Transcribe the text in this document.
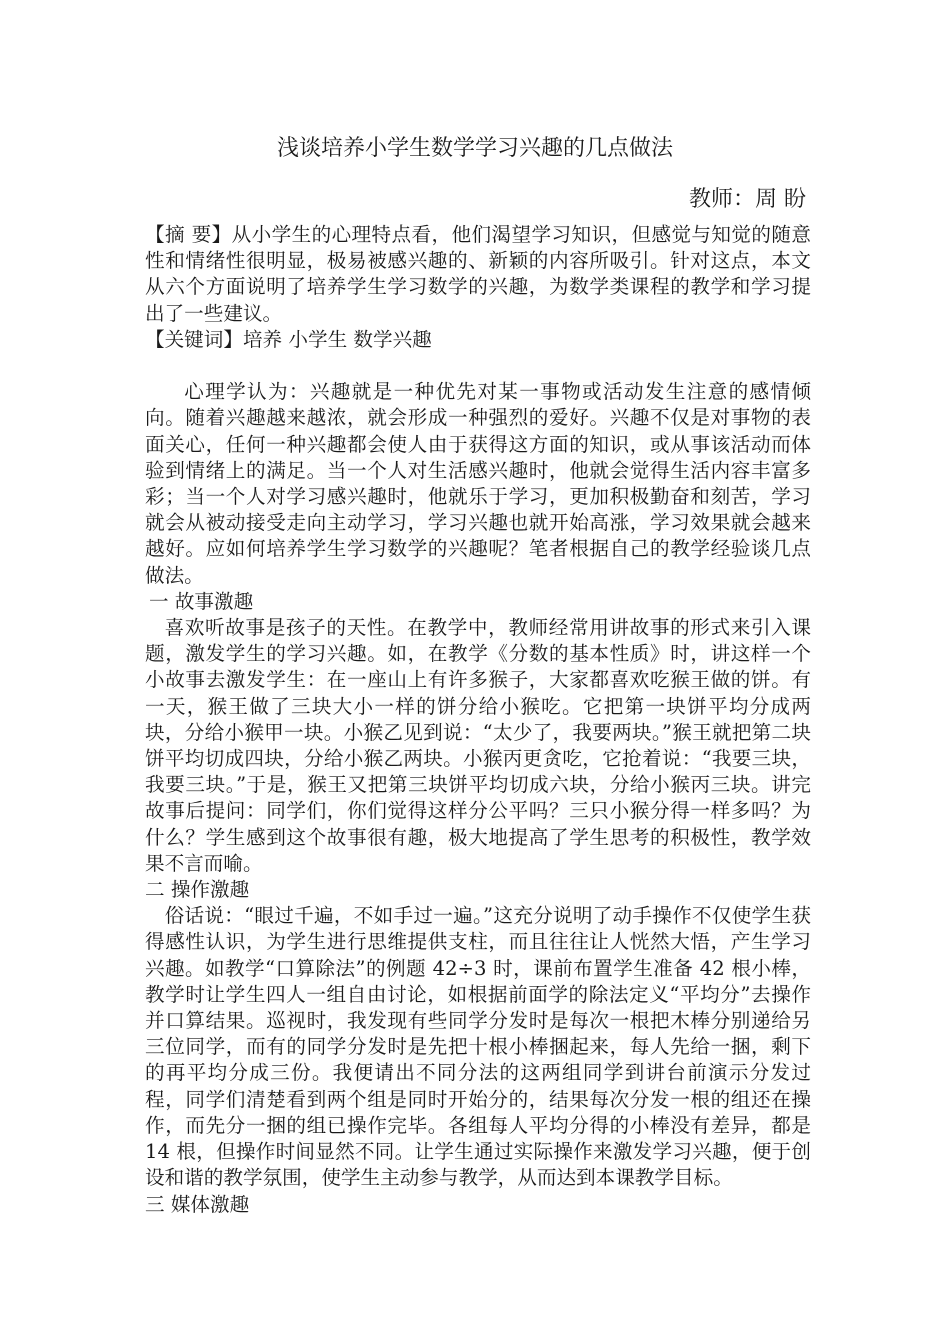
浅谈培养小学生数学学习兴趣的几点做法
教师：周 盼

【摘 要】从小学生的心理特点看，他们渴望学习知识，但感觉与知觉的随意性和情绪性很明显，极易被感兴趣的、新颖的内容所吸引。针对这点，本文从六个方面说明了培养学生学习数学的兴趣，为数学类课程的教学和学习提出了一些建议。

【关键词】培养 小学生 数学兴趣

心理学认为：兴趣就是一种优先对某一事物或活动发生注意的感情倾向。随着兴趣越来越浓，就会形成一种强烈的爱好。兴趣不仅是对事物的表面关心，任何一种兴趣都会使人由于获得这方面的知识，或从事该活动而体验到情绪上的满足。当一个人对生活感兴趣时，他就会觉得生活内容丰富多彩；当一个人对学习感兴趣时，他就乐于学习，更加积极勤奋和刻苦，学习就会从被动接受走向主动学习，学习兴趣也就开始高涨，学习效果就会越来越好。应如何培养学生学习数学的兴趣呢？笔者根据自己的教学经验谈几点做法。

一 故事激趣

喜欢听故事是孩子的天性。在教学中，教师经常用讲故事的形式来引入课题，激发学生的学习兴趣。如，在教学《分数的基本性质》时，讲这样一个小故事去激发学生：在一座山上有许多猴子，大家都喜欢吃猴王做的饼。有一天，猴王做了三块大小一样的饼分给小猴吃。它把第一块饼平均分成两块，分给小猴甲一块。小猴乙见到说：“太少了，我要两块。”猴王就把第二块饼平均切成四块，分给小猴乙两块。小猴丙更贪吃，它抢着说：“我要三块，我要三块。”于是，猴王又把第三块饼平均切成六块，分给小猴丙三块。讲完故事后提问：同学们，你们觉得这样分公平吗？三只小猴分得一样多吗？为什么？学生感到这个故事很有趣，极大地提高了学生思考的积极性，教学效果不言而喻。

二 操作激趣

俗话说：“眼过千遍，不如手过一遍。”这充分说明了动手操作不仅使学生获得感性认识，为学生进行思维提供支柱，而且往往让人恍然大悟，产生学习兴趣。如教学“口算除法”的例题 42÷3 时，课前布置学生准备 42 根小棒，教学时让学生四人一组自由讨论，如根据前面学的除法定义“平均分”去操作并口算结果。巡视时，我发现有些同学分发时是每次一根把木棒分别递给另三位同学，而有的同学分发时是先把十根小棒捆起来，每人先给一捆，剩下的再平均分成三份。我便请出不同分法的这两组同学到讲台前演示分发过程，同学们清楚看到两个组是同时开始分的，结果每次分发一根的组还在操作，而先分一捆的组已操作完毕。各组每人平均分得的小棒没有差异，都是 14 根，但操作时间显然不同。让学生通过实际操作来激发学习兴趣，便于创设和谐的教学氛围，使学生主动参与教学，从而达到本课教学目标。

三 媒体激趣
